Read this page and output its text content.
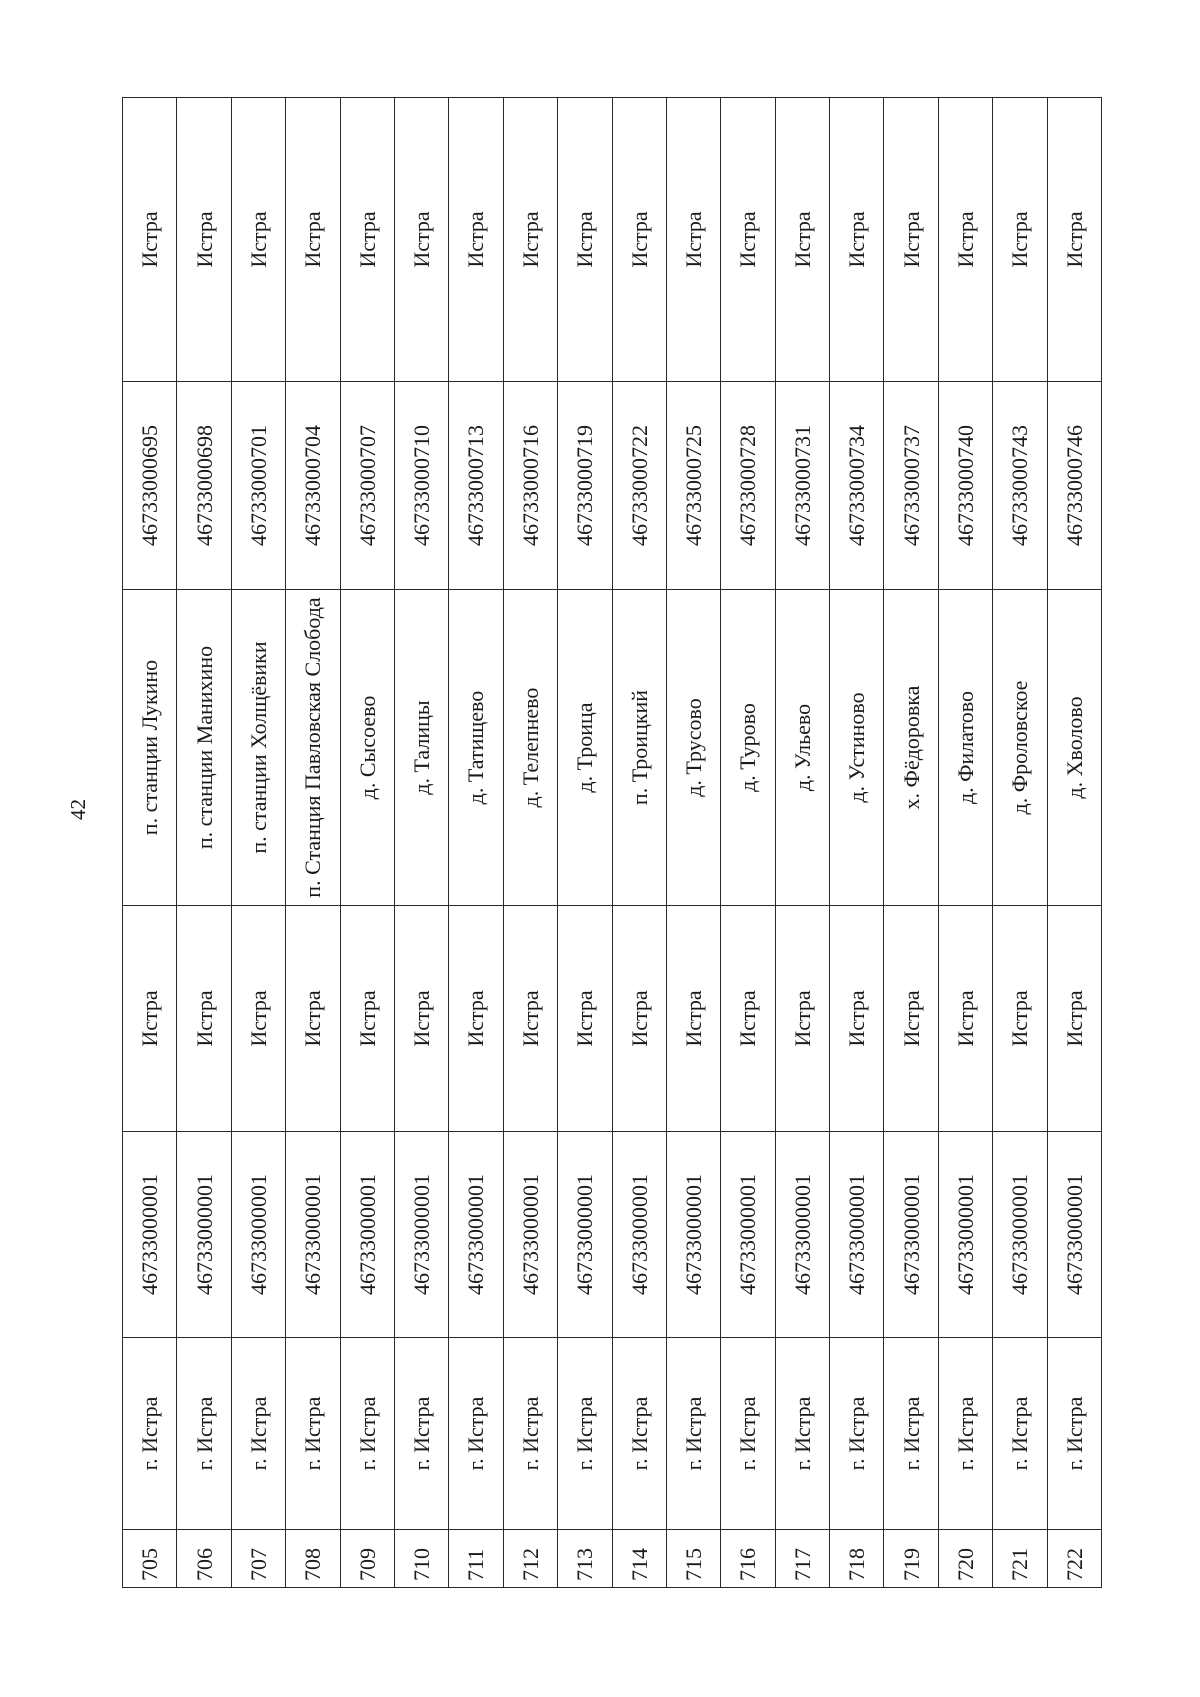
42
705	г. Истра	46733000001	Истра	п. станции Лукино	46733000695	Истра
706	г. Истра	46733000001	Истра	п. станции Манихино	46733000698	Истра
707	г. Истра	46733000001	Истра	п. станции Холщёвики	46733000701	Истра
708	г. Истра	46733000001	Истра	п. Станция Павловская Слобода	46733000704	Истра
709	г. Истра	46733000001	Истра	д. Сысоево	46733000707	Истра
710	г. Истра	46733000001	Истра	д. Талицы	46733000710	Истра
711	г. Истра	46733000001	Истра	д. Татищево	46733000713	Истра
712	г. Истра	46733000001	Истра	д. Телепнево	46733000716	Истра
713	г. Истра	46733000001	Истра	д. Троица	46733000719	Истра
714	г. Истра	46733000001	Истра	п. Троицкий	46733000722	Истра
715	г. Истра	46733000001	Истра	д. Трусово	46733000725	Истра
716	г. Истра	46733000001	Истра	д. Турово	46733000728	Истра
717	г. Истра	46733000001	Истра	д. Ульево	46733000731	Истра
718	г. Истра	46733000001	Истра	д. Устиново	46733000734	Истра
719	г. Истра	46733000001	Истра	х. Фёдоровка	46733000737	Истра
720	г. Истра	46733000001	Истра	д. Филатово	46733000740	Истра
721	г. Истра	46733000001	Истра	д. Фроловское	46733000743	Истра
722	г. Истра	46733000001	Истра	д. Хволово	46733000746	Истра
